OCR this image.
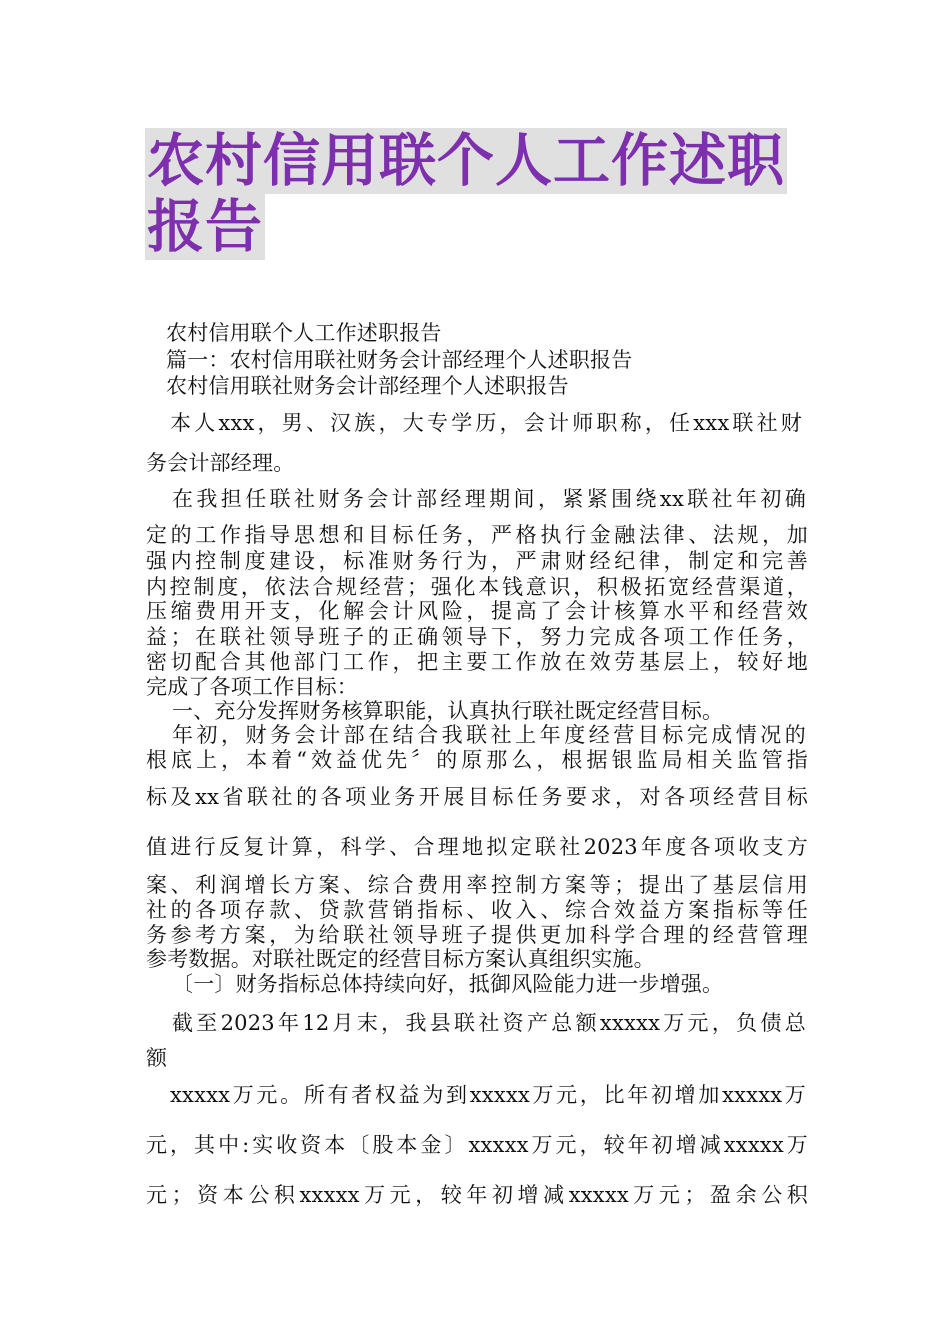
农村信用联个人工作述职
报告
农村信用联个人工作述职报告
篇一：农村信用联社财务会计部经理个人述职报告
农村信用联社财务会计部经理个人述职报告
本人xxx，男、汉族，大专学历，会计师职称，任xxx联社财
务会计部经理。
在我担任联社财务会计部经理期间，紧紧围绕xx联社年初确
定的工作指导思想和目标任务，严格执行金融法律、法规，加
强内控制度建设，标准财务行为，严肃财经纪律，制定和完善
内控制度，依法合规经营；强化本钱意识，积极拓宽经营渠道，
压缩费用开支，化解会计风险，提高了会计核算水平和经营效
益；在联社领导班子的正确领导下，努力完成各项工作任务，
密切配合其他部门工作，把主要工作放在效劳基层上，较好地
完成了各项工作目标：
一、充分发挥财务核算职能，认真执行联社既定经营目标。
年初，财务会计部在结合我联社上年度经营目标完成情况的
根底上，本着“效益优先〞的原那么，根据银监局相关监管指
标及xx省联社的各项业务开展目标任务要求，对各项经营目标
值进行反复计算，科学、合理地拟定联社2023年度各项收支方
案、利润增长方案、综合费用率控制方案等；提出了基层信用
社的各项存款、贷款营销指标、收入、综合效益方案指标等任
务参考方案，为给联社领导班子提供更加科学合理的经营管理
参考数据。对联社既定的经营目标方案认真组织实施。
〔一〕财务指标总体持续向好，抵御风险能力进一步增强。
截至2023年12月末，我县联社资产总额xxxxx万元，负债总
额
xxxxx万元。所有者权益为到xxxxx万元，比年初增加xxxxx万
元，其中:实收资本〔股本金〕xxxxx万元，较年初增减xxxxx万
元；资本公积xxxxx万元，较年初增减xxxxx万元；盈余公积
